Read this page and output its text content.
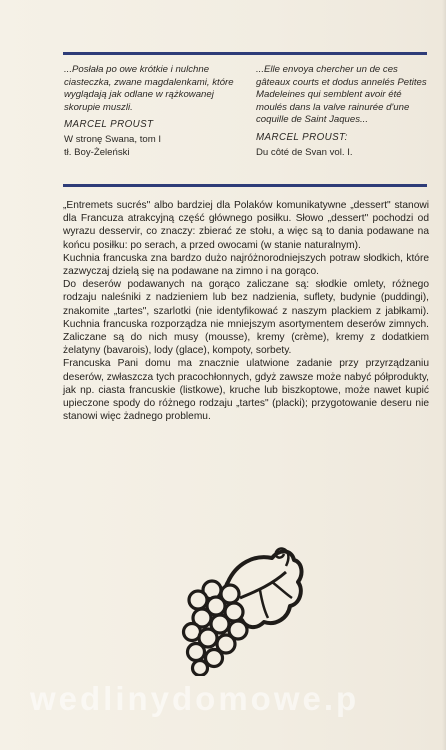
...Posłała po owe krótkie i nulchne ciasteczka, zwane magdalenkami, które wyglądają jak odlane w rążkowanej skorupie muszli.

MARCEL PROUST

W stronę Swana, tom I
tł. Boy-Żeleński

...Elle envoya chercher un de ces gâteaux courts et dodus annelés Petites Madeleines qui semblent avoir été moulés dans la valve rainurée d'une coquille de Saint Jaques...

MARCEL PROUST:

Du côté de Svan vol. I.

„Entremets sucrés" albo bardziej dla Polaków komunikatywne „dessert" stanowi dla Francuza atrakcyjną część głównego posiłku. Słowo „dessert" pochodzi od wyrazu desservir, co znaczy: zbierać ze stołu, a więc są to dania podawane na końcu posiłku: po serach, a przed owocami (w stanie naturalnym).

Kuchnia francuska zna bardzo dużo najróżnorodniejszych potraw słodkich, które zazwyczaj dzielą się na podawane na zimno i na gorąco.

Do deserów podawanych na gorąco zaliczane są: słodkie omlety, różnego rodzaju naleśniki z nadzieniem lub bez nadzienia, suflety, budynie (puddingi), znakomite „tartes", szarlotki (nie identyfikować z naszym plackiem z jabłkami). Kuchnia francuska rozporządza nie mniejszym asortymentem deserów zimnych. Zaliczane są do nich musy (mousse), kremy (crème), kremy z dodatkiem żelatyny (bavarois), lody (glace), kompoty, sorbety.

Francuska Pani domu ma znacznie ulatwione zadanie przy przyrządzaniu deserów, zwłaszcza tych pracochłonnych, gdyż zawsze może nabyć półprodukty, jak np. ciasta francuskie (listkowe), kruche lub biszkoptowe, może nawet kupić upieczone spody do różnego rodzaju „tartes" (placki); przygotowanie deseru nie stanowi więc żadnego problemu.

wedlinydomowe.p
